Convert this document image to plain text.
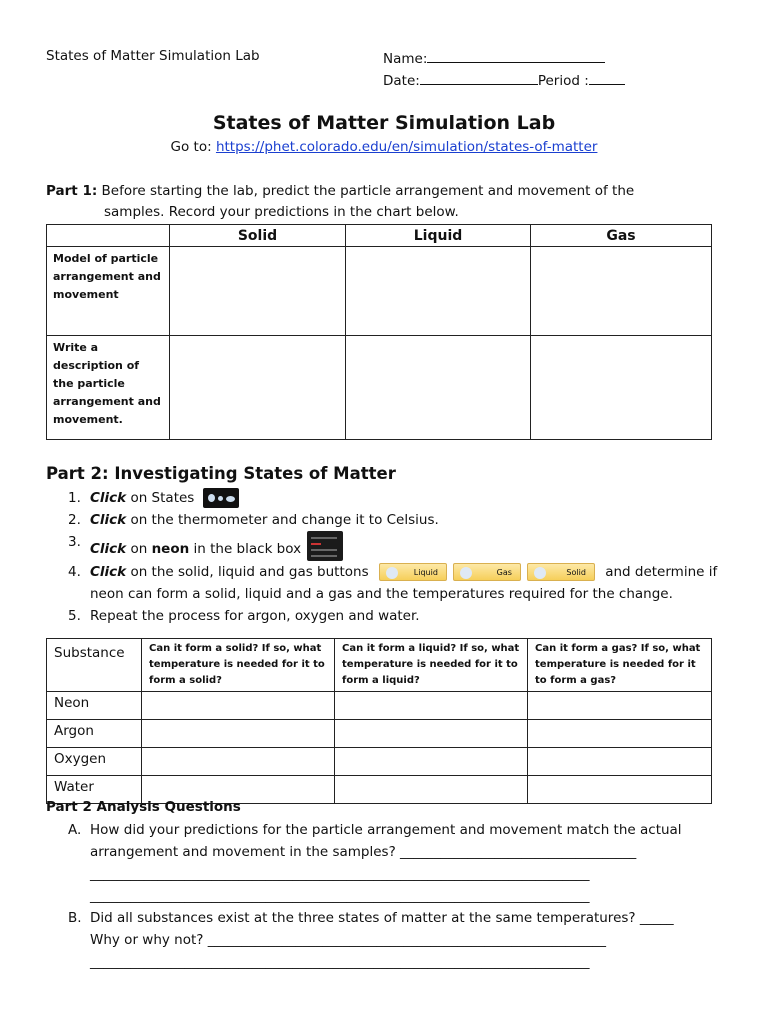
States of Matter Simulation Lab	Name:
Date:	Period :
States of Matter Simulation Lab
Go to: https://phet.colorado.edu/en/simulation/states-of-matter
Part 1: Before starting the lab, predict the particle arrangement and movement of the
samples. Record your predictions in the chart below.
	Solid	Liquid	Gas
Model of particle arrangement and movement			
Write a description of the particle arrangement and movement.			
Part 2: Investigating States of Matter
1. Click on States
2. Click on the thermometer and change it to Celsius.
3. Click on neon in the black box
4. Click on the solid, liquid and gas buttons	Liquid	Gas	Solid and determine if
neon can form a solid, liquid and a gas and the temperatures required for the change.
5. Repeat the process for argon, oxygen and water.
Substance	Can it form a solid? If so, what temperature is needed for it to form a solid?	Can it form a liquid? If so, what temperature is needed for it to form a liquid?	Can it form a gas? If so, what temperature is needed for it to form a gas?
Neon			
Argon			
Oxygen			
Water			
Part 2 Analysis Questions
A. How did your predictions for the particle arrangement and movement match the actual
arrangement and movement in the samples? ___________________________________
__________________________________________________________________________
__________________________________________________________________________
B. Did all substances exist at the three states of matter at the same temperatures? _____
Why or why not? ___________________________________________________________
__________________________________________________________________________
